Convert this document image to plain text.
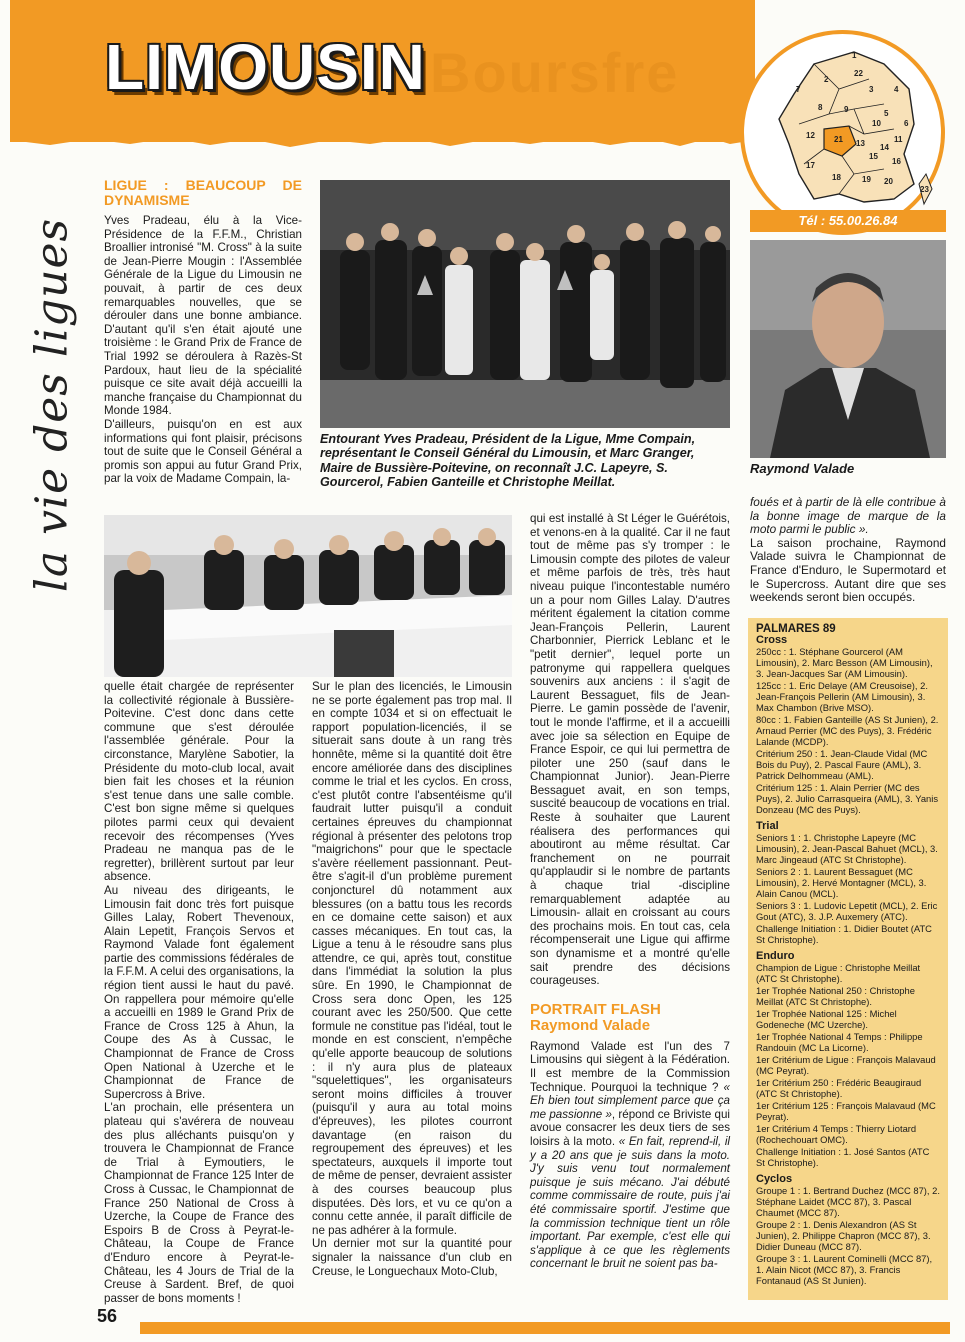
Boursfre
LIMOUSIN	1
22
2
3	4
5
6
7
8	9
10
11
12 21 13 14
15
16
17
18	19 20
23
Tél : 55.00.26.84
la vie des ligues
LIGUE : BEAUCOUP DE DYNAMISME

Yves Pradeau, élu à la Vice-Présidence de la F.F.M., Christian Broallier intronisé "M. Cross" à la suite de Jean-Pierre Mougin : l'Assemblée Générale de la Ligue du Limousin ne pouvait, à partir de ces deux remarquables nouvelles, que se dérouler dans une bonne ambiance. D'autant qu'il s'en était ajouté une troisième : le Grand Prix de France de Trial 1992 se déroulera à Razès-St Pardoux, haut lieu de la spécialité puisque ce site avait déjà accueilli la manche française du Championnat du Monde 1984.

D'ailleurs, puisqu'on en est aux informations qui font plaisir, précisons tout de suite que le Conseil Général a promis son appui au futur Grand Prix, par la voix de Madame Compain, la-

Entourant Yves Pradeau, Président de la Ligue, Mme Compain, représentant le Conseil Général du Limousin, et Marc Granger, Maire de Bussière-Poitevine, on reconnaît J.C. Lapeyre, S. Gourcerol, Fabien Ganteille et Christophe Meillat.
Raymond Valade

foués et à partir de là elle contribue à la bonne image de marque de la moto parmi le public ».

La saison prochaine, Raymond Valade suivra le Championnat de France d'Enduro, le Supermotard et le Supercross. Autant dire que ses weekends seront bien occupés.

quelle était chargée de représenter la collectivité régionale à Bussière-Poitevine. C'est donc dans cette commune que s'est déroulée l'assemblée générale. Pour la circonstance, Marylène Sabotier, la Présidente du moto-club local, avait bien fait les choses et la réunion s'est tenue dans une salle comble. C'est bon signe même si quelques pilotes parmi ceux qui devaient recevoir des récompenses (Yves Pradeau ne manqua pas de le regretter), brillèrent surtout par leur absence.

Au niveau des dirigeants, le Limousin fait donc très fort puisque Gilles Lalay, Robert Thevenoux, Alain Lepetit, François Servos et Raymond Valade font également partie des commissions fédérales de la F.F.M. A celui des organisations, la région tient aussi le haut du pavé. On rappellera pour mémoire qu'elle a accueilli en 1989 le Grand Prix de France de Cross 125 à Ahun, la Coupe des As à Cussac, le Championnat de France de Cross Open National à Uzerche et le Championnat de France de Supercross à Brive.

L'an prochain, elle présentera un plateau qui s'avérera de nouveau des plus alléchants puisqu'on y trouvera le Championnat de France de Trial à Eymoutiers, le Championnat de France 125 Inter de Cross à Cussac, le Championnat de France 250 National de Cross à Uzerche, la Coupe de France des Espoirs B de Cross à Peyrat-le-Château, la Coupe de France d'Enduro encore à Peyrat-le-Château, les 4 Jours de Trial de la Creuse à Sardent. Bref, de quoi passer de bons moments !

Sur le plan des licenciés, le Limousin ne se porte également pas trop mal. Il en compte 1034 et si on effectuait le rapport population-licenciés, il se situerait sans doute à un rang très honnête, même si la quantité doit être encore améliorée dans des disciplines comme le trial et les cyclos. En cross, c'est plutôt contre l'absentéisme qu'il faudrait lutter puisqu'il a conduit certaines épreuves du championnat régional à présenter des pelotons trop "maigrichons" pour que le spectacle s'avère réellement passionnant. Peut-être s'agit-il d'un problème purement conjoncturel dû notamment aux blessures (on a battu tous les records en ce domaine cette saison) et aux casses mécaniques. En tout cas, la Ligue a tenu à le résoudre sans plus attendre, ce qui, après tout, constitue dans l'immédiat la solution la plus sûre. En 1990, le Championnat de Cross sera donc Open, les 125 courant avec les 250/500. Que cette formule ne constitue pas l'idéal, tout le monde en est conscient, n'empêche qu'elle apporte beaucoup de solutions : il n'y aura plus de plateaux "squelettiques", les organisateurs seront moins difficiles à trouver (puisqu'il y aura au total moins d'épreuves), les pilotes courront davantage (en raison du regroupement des épreuves) et les spectateurs, auxquels il importe tout de même de penser, devraient assister à des courses beaucoup plus disputées. Dès lors, et vu ce qu'on a connu cette année, il paraît difficile de ne pas adhérer à la formule.

Un dernier mot sur la quantité pour signaler la naissance d'un club en Creuse, le Longuechaux Moto-Club,

qui est installé à St Léger le Guérétois, et venons-en à la qualité. Car il ne faut tout de même pas s'y tromper : le Limousin compte des pilotes de valeur et même parfois de très, très haut niveau puique l'incontestable numéro un a pour nom Gilles Lalay. D'autres méritent également la citation comme Jean-François Pellerin, Laurent Charbonnier, Pierrick Leblanc et le "petit dernier", lequel porte un patronyme qui rappellera quelques souvenirs aux anciens : il s'agit de Laurent Bessaguet, fils de Jean-Pierre. Le gamin possède de l'avenir, tout le monde l'affirme, et il a accueilli avec joie sa sélection en Equipe de France Espoir, ce qui lui permettra de piloter une 250 (sauf dans le Championnat Junior). Jean-Pierre Bessaguet avait, en son temps, suscité beaucoup de vocations en trial. Reste à souhaiter que Laurent réalisera des performances qui aboutiront au même résultat. Car franchement on ne pourrait qu'applaudir si le nombre de partants à chaque trial -discipline remarquablement adaptée au Limousin- allait en croissant au cours des prochains mois. En tout cas, cela récompenserait une Ligue qui affirme son dynamisme et a montré qu'elle sait prendre des décisions courageuses.

PORTRAIT FLASH
Raymond Valade

Raymond Valade est l'un des 7 Limousins qui siègent à la Fédération. Il est membre de la Commission Technique. Pourquoi la technique ? « Eh bien tout simplement parce que ça me passionne », répond ce Briviste qui avoue consacrer les deux tiers de ses loisirs à la moto. « En fait, reprend-il, il y a 20 ans que je suis dans la moto. J'y suis venu tout normalement puisque je suis mécano. J'ai débuté comme commissaire de route, puis j'ai été commissaire sportif. J'estime que la commission technique tient un rôle important. Par exemple, c'est elle qui s'applique à ce que les règlements concernant le bruit ne soient pas ba-

PALMARES 89
Cross

250cc : 1. Stéphane Gourcerol (AM Limousin), 2. Marc Besson (AM Limousin), 3. Jean-Jacques Sar (AM Limousin).

125cc : 1. Eric Delaye (AM Creusoise), 2. Jean-François Pellerin (AM Limousin), 3. Max Chambon (Brive MSO).

80cc : 1. Fabien Ganteille (AS St Junien), 2. Arnaud Perrier (MC des Puys), 3. Frédéric Lalande (MCDP).

Critérium 250 : 1. Jean-Claude Vidal (MC Bois du Puy), 2. Pascal Faure (AML), 3. Patrick Delhommeau (AML).

Critérium 125 : 1. Alain Perrier (MC des Puys), 2. Julio Carrasqueira (AML), 3. Yanis Donzeau (MC des Puys).

Trial

Seniors 1 : 1. Christophe Lapeyre (MC Limousin), 2. Jean-Pascal Bahuet (MCL), 3. Marc Jingeaud (ATC St Christophe).

Seniors 2 : 1. Laurent Bessaguet (MC Limousin), 2. Hervé Montagner (MCL), 3. Alain Canou (MCL).

Seniors 3 : 1. Ludovic Lepetit (MCL), 2. Eric Gout (ATC), 3. J.P. Auxemery (ATC).

Challenge Initiation : 1. Didier Boutet (ATC St Christophe).

Enduro

Champion de Ligue : Christophe Meillat (ATC St Christophe).

1er Trophée National 250 : Christophe Meillat (ATC St Christophe).

1er Trophée National 125 : Michel Godeneche (MC Uzerche).

1er Trophée National 4 Temps : Philippe Randouin (MC La Licorne).

1er Critérium de Ligue : François Malavaud (MC Peyrat).

1er Critérium 250 : Frédéric Beaugiraud (ATC St Christophe).

1er Critérium 125 : François Malavaud (MC Peyrat).

1er Critérium 4 Temps : Thierry Liotard (Rochechouart OMC).

Challenge Initiation : 1. José Santos (ATC St Christophe).

Cyclos

Groupe 1 : 1. Bertrand Duchez (MCC 87), 2. Stéphane Laidet (MCC 87), 3. Pascal Chaumet (MCC 87).

Groupe 2 : 1. Denis Alexandron (AS St Junien), 2. Philippe Chapron (MCC 87), 3. Didier Duneau (MCC 87).

Groupe 3 : 1. Laurent Cominelli (MCC 87), 1. Alain Nicot (MCC 87), 3. Francis Fontanaud (AS St Junien).

56
